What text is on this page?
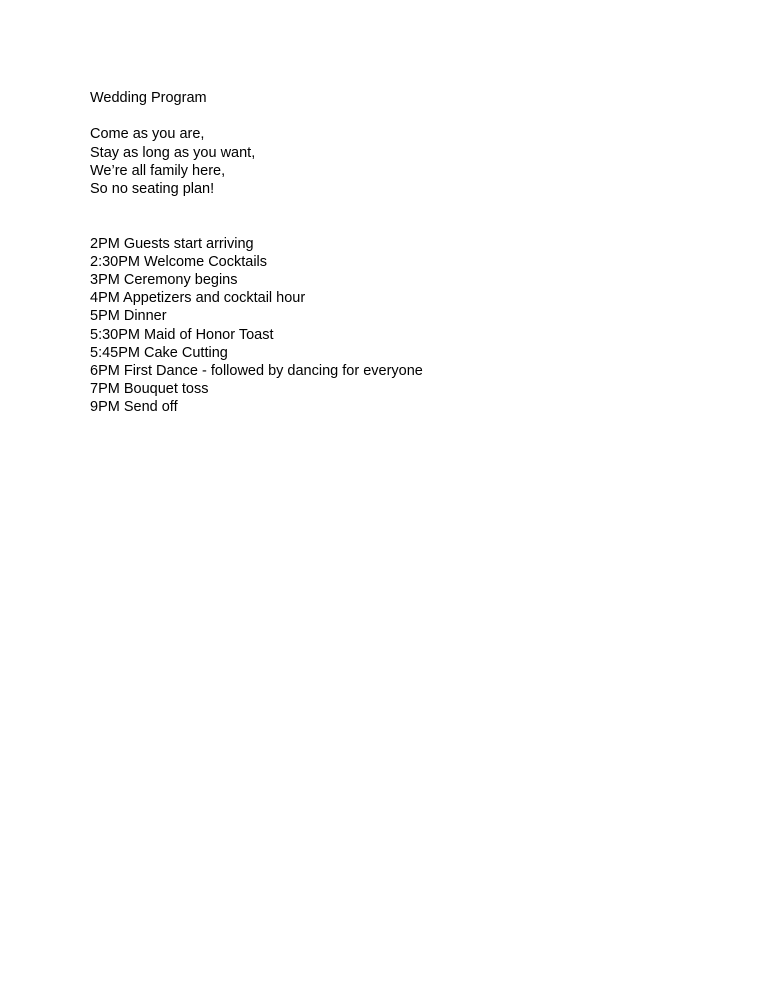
Wedding Program
Come as you are,
Stay as long as you want,
We’re all family here,
So no seating plan!
2PM Guests start arriving
2:30PM Welcome Cocktails
3PM Ceremony begins
4PM Appetizers and cocktail hour
5PM Dinner
5:30PM Maid of Honor Toast
5:45PM Cake Cutting
6PM First Dance - followed by dancing for everyone
7PM Bouquet toss
9PM Send off
